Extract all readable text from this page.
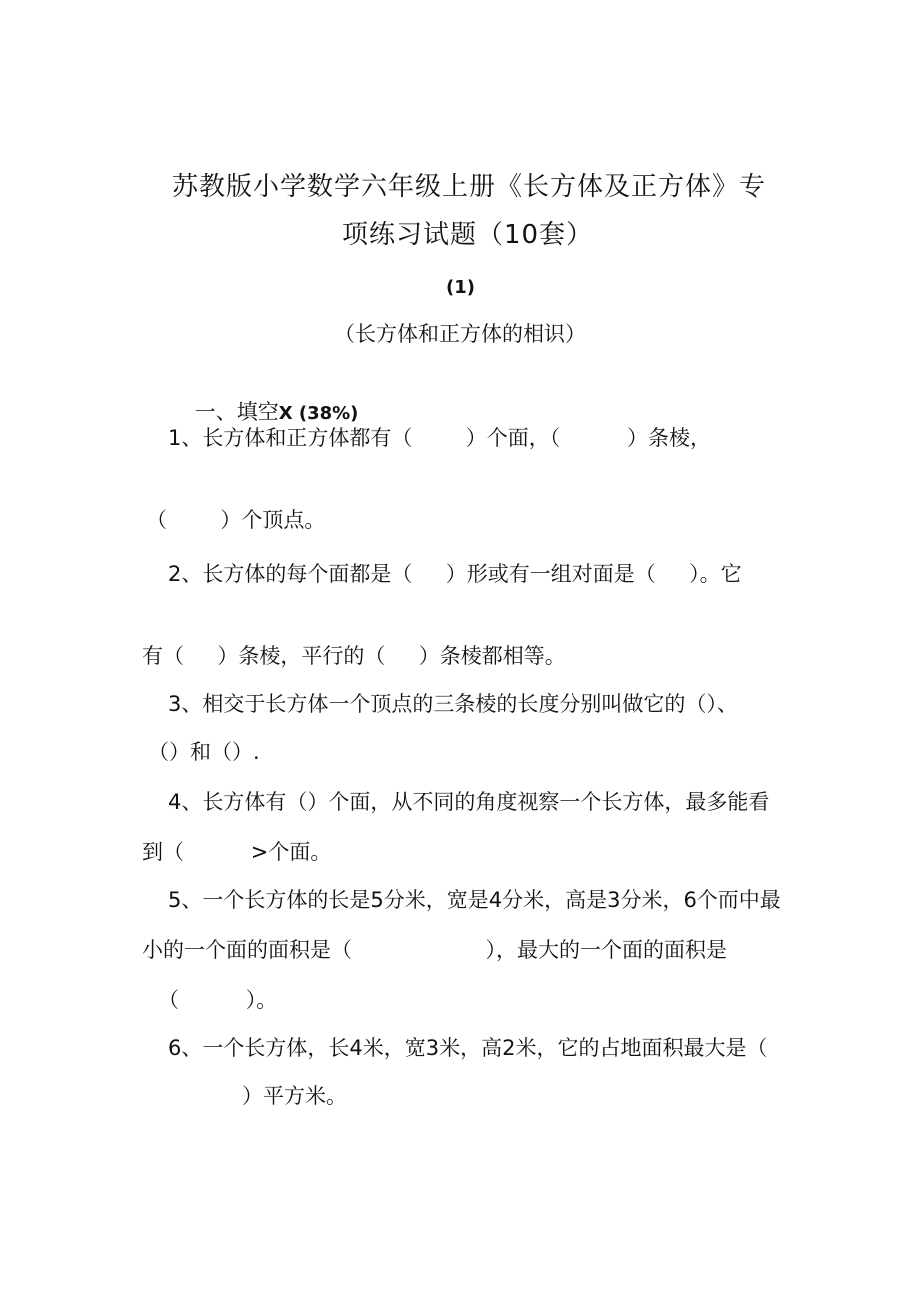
苏教版小学数学六年级上册《长方体及正方体》专
项练习试题（10套）
(1)
（长方体和正方体的相识）

一、填空X (38%)

1、长方体和正方体都有（        ）个面，（          ）条棱，
（        ）个顶点。
2、长方体的每个面都是（     ）形或有一组对面是（     ）。它
有（     ）条棱，平行的（     ）条棱都相等。
3、相交于长方体一个顶点的三条棱的长度分别叫做它的（）、
（）和（）.
4、长方体有（）个面，从不同的角度视察一个长方体，最多能看
到（          >个面。
5、一个长方体的长是5分米，宽是4分米，高是3分米，6个而中最
小的一个面的面积是（                    ），最大的一个面的面积是
（          ）。
6、一个长方体，长4米，宽3米，高2米，它的占地面积最大是（
）平方米。
